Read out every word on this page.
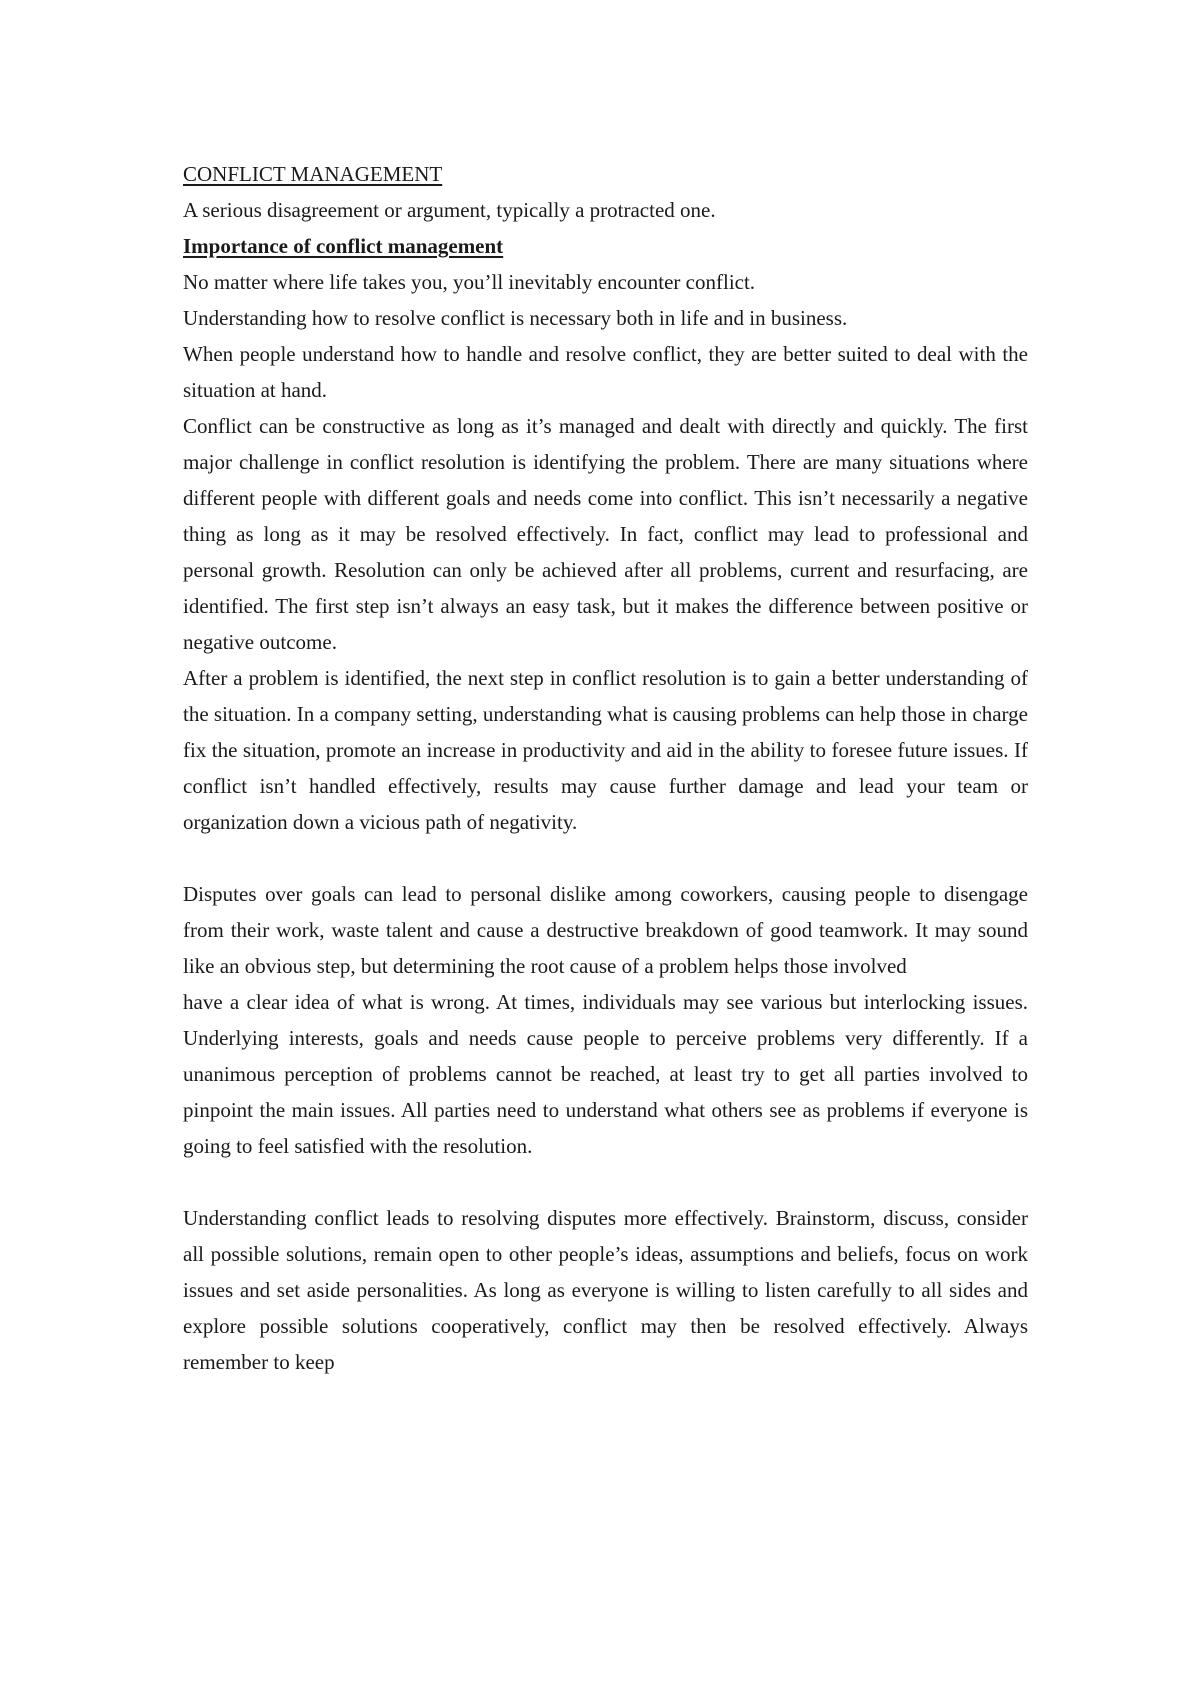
CONFLICT MANAGEMENT

A serious disagreement or argument, typically a protracted one.

Importance of conflict management

No matter where life takes you, you’ll inevitably encounter conflict.

Understanding how to resolve conflict is necessary both in life and in business.

When people understand how to handle and resolve conflict, they are better suited to deal with the situation at hand.

Conflict can be constructive as long as it’s managed and dealt with directly and quickly. The first major challenge in conflict resolution is identifying the problem. There are many situations where different people with different goals and needs come into conflict. This isn’t necessarily a negative thing as long as it may be resolved effectively. In fact, conflict may lead to professional and personal growth. Resolution can only be achieved after all problems, current and resurfacing, are identified. The first step isn’t always an easy task, but it makes the difference between positive or negative outcome.

After a problem is identified, the next step in conflict resolution is to gain a better understanding of the situation. In a company setting, understanding what is causing problems can help those in charge fix the situation, promote an increase in productivity and aid in the ability to foresee future issues. If conflict isn’t handled effectively, results may cause further damage and lead your team or organization down a vicious path of negativity.

Disputes over goals can lead to personal dislike among coworkers, causing people to disengage from their work, waste talent and cause a destructive breakdown of good teamwork. It may sound like an obvious step, but determining the root cause of a problem helps those involved

have a clear idea of what is wrong. At times, individuals may see various but interlocking issues. Underlying interests, goals and needs cause people to perceive problems very differently. If a unanimous perception of problems cannot be reached, at least try to get all parties involved to pinpoint the main issues. All parties need to understand what others see as problems if everyone is going to feel satisfied with the resolution.

Understanding conflict leads to resolving disputes more effectively. Brainstorm, discuss, consider all possible solutions, remain open to other people’s ideas, assumptions and beliefs, focus on work issues and set aside personalities. As long as everyone is willing to listen carefully to all sides and explore possible solutions cooperatively, conflict may then be resolved effectively. Always remember to keep
